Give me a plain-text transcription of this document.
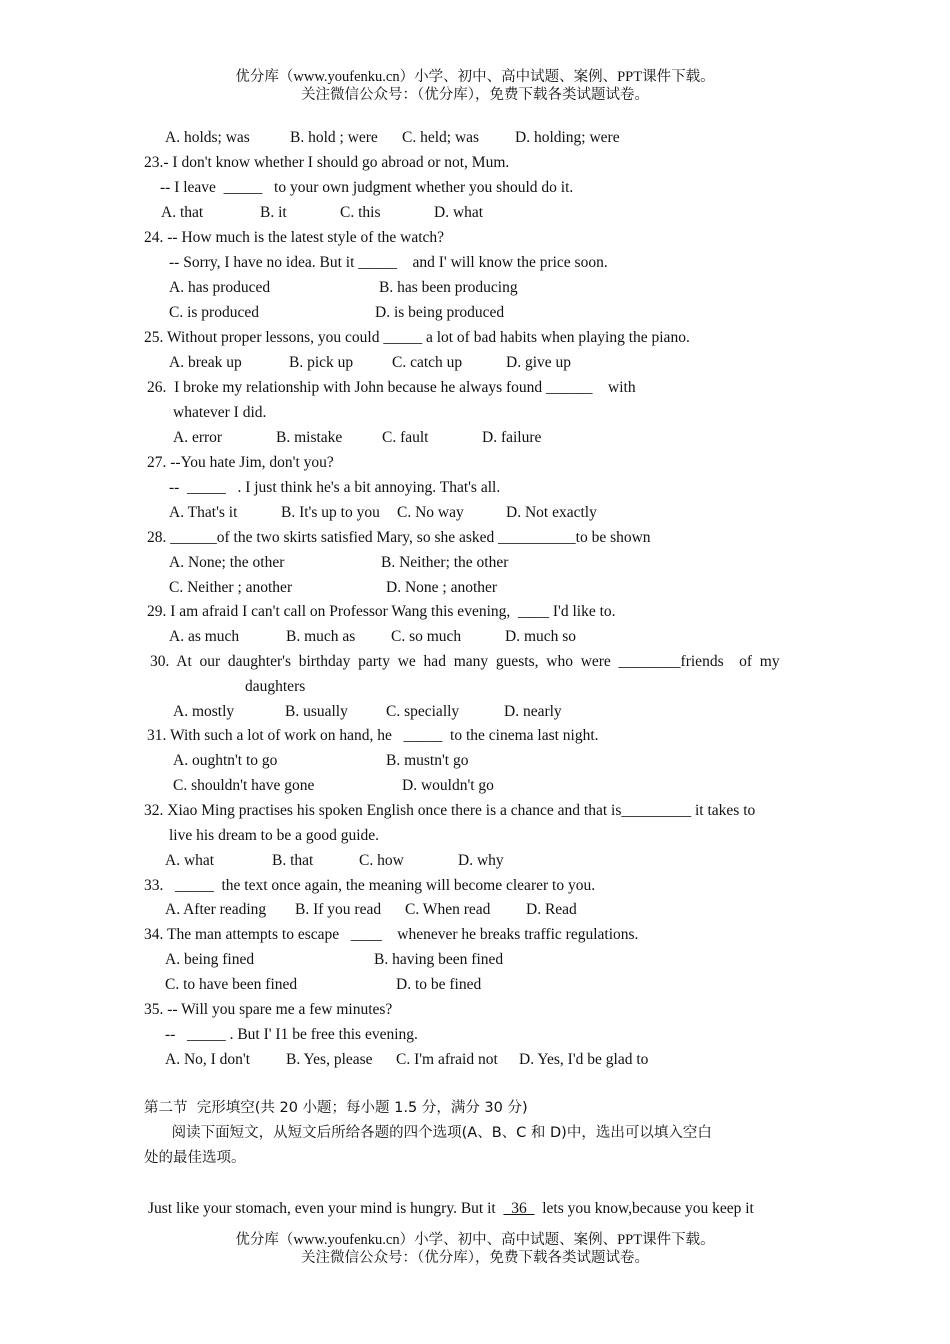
优分库（www.youfenku.cn）小学、初中、高中试题、案例、PPT课件下载。
关注微信公众号：（优分库），免费下载各类试题试卷。
A. holds; was	B. hold ; were C. held; was D. holding; were
23.- I don't know whether I should go abroad or not, Mum.
-- I leave  _____   to your own judgment whether you should do it.
A. that	B. it	C. this	D. what
24. -- How much is the latest style of the watch?
-- Sorry, I have no idea. But it _____    and I' will know the price soon.
A. has produced	B. has been producing
C. is produced	D. is being produced
25. Without proper lessons, you could _____ a lot of bad habits when playing the piano.
A. break up	B. pick up	C. catch up	D. give up
26.  I broke my relationship with John because he always found ______    with
whatever I did.
A. error	B. mistake	C. fault	D. failure
27. --You hate Jim, don't you?
--  _____   . I just think he's a bit annoying. That's all.
A. That's it	B. It's up to you C. No way	D. Not exactly
28. ______of the two skirts satisfied Mary, so she asked __________to be shown
A. None; the other	B. Neither; the other
C. Neither ; another	D. None ; another
29. I am afraid I can't call on Professor Wang this evening,  ____ I'd like to.
A. as much	B. much as C. so much	D. much so
30.  At  our  daughter's  birthday  party  we  had  many  guests,  who  were  ________friends    of  my
daughters
A. mostly	B. usually C. specially	D. nearly
31. With such a lot of work on hand, he   _____  to the cinema last night.
A. oughtn't to go	B. mustn't go
C. shouldn't have gone	D. wouldn't go
32. Xiao Ming practises his spoken English once there is a chance and that is_________ it takes to
live his dream to be a good guide.
A. what	B. that	C. how	D. why
33.   _____  the text once again, the meaning will become clearer to you.
A. After reading B. If you read C. When read D. Read
34. The man attempts to escape   ____    whenever he breaks traffic regulations.
A. being fined	B. having been fined
C. to have been fined	D. to be fined
35. -- Will you spare me a few minutes?
--   _____ . But I' I1 be free this evening.
A. No, I don't B. Yes, please C. I'm afraid not D. Yes, I'd be glad to
第二节  完形填空(共 20 小题；每小题 1.5 分，满分 30 分)
阅读下面短文，从短文后所给各题的四个选项(A、B、C 和 D)中，选出可以填入空白
处的最佳选项。
Just like your stomach, even your mind is hungry. But it    36    lets you know,because you keep it
优分库（www.youfenku.cn）小学、初中、高中试题、案例、PPT课件下载。
关注微信公众号：（优分库），免费下载各类试题试卷。
